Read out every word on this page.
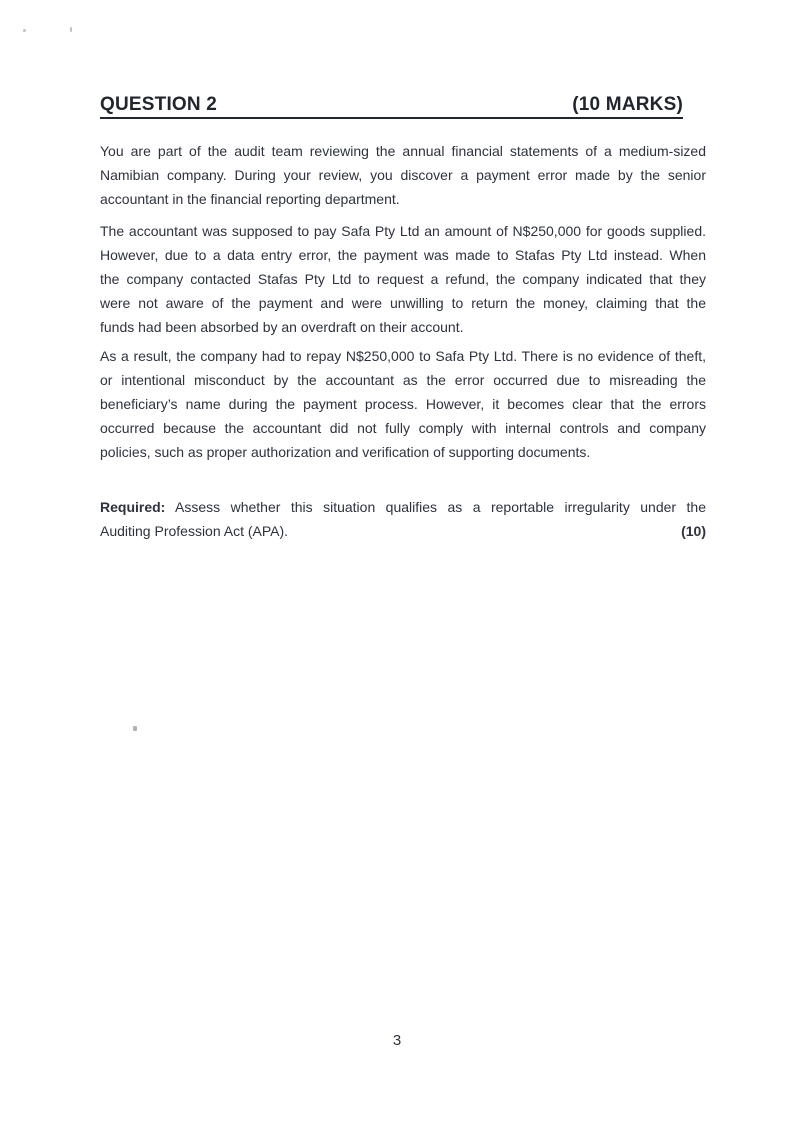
QUESTION 2	(10 MARKS)
You are part of the audit team reviewing the annual financial statements of a medium-sized
Namibian company. During your review, you discover a payment error made by the senior
accountant in the financial reporting department.
The accountant was supposed to pay Safa Pty Ltd an amount of N$250,000 for goods supplied.
However, due to a data entry error, the payment was made to Stafas Pty Ltd instead. When
the company contacted Stafas Pty Ltd to request a refund, the company indicated that they
were not aware of the payment and were unwilling to return the money, claiming that the
funds had been absorbed by an overdraft on their account.
As a result, the company had to repay N$250,000 to Safa Pty Ltd. There is no evidence of theft,
or intentional misconduct by the accountant as the error occurred due to misreading the
beneficiary’s name during the payment process. However, it becomes clear that the errors
occurred because the accountant did not fully comply with internal controls and company
policies, such as proper authorization and verification of supporting documents.
Required: Assess whether this situation qualifies as a reportable irregularity under the
Auditing Profession Act (APA).	(10)
3
